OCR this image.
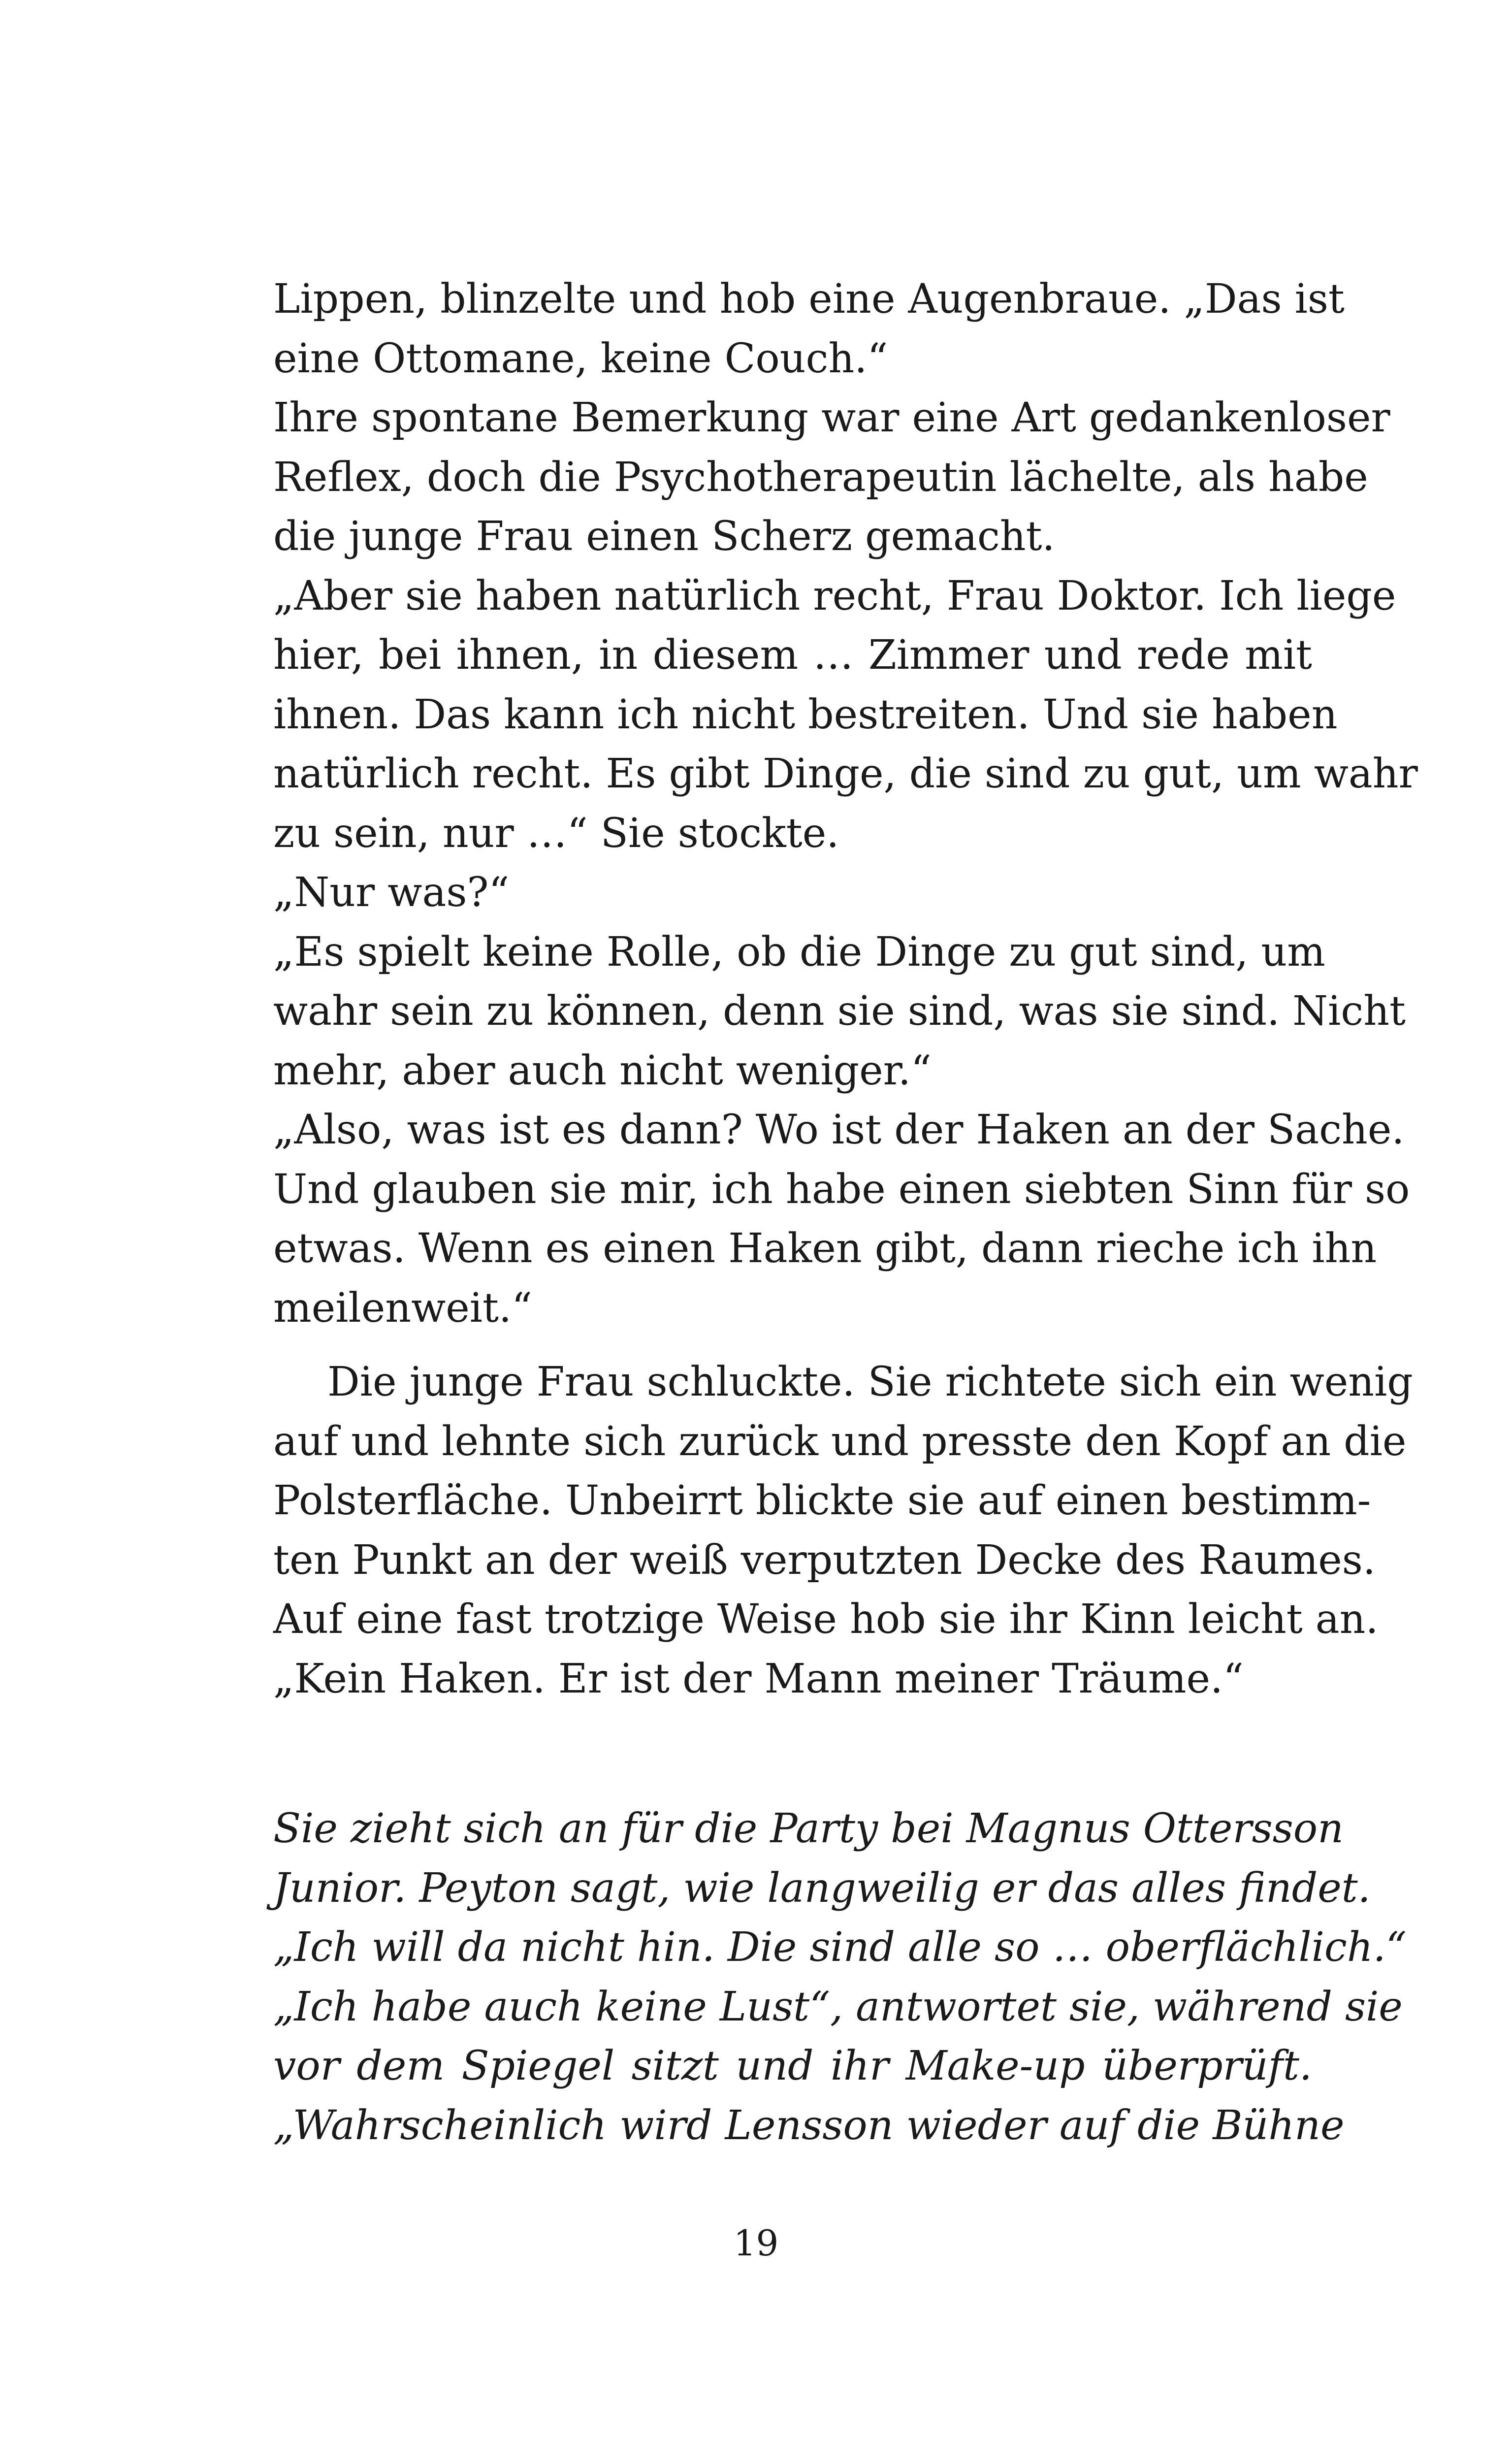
Lippen, blinzelte und hob eine Augenbraue. „Das ist
eine Ottomane, keine Couch.“
Ihre spontane Bemerkung war eine Art gedankenloser
Reflex, doch die Psychotherapeutin lächelte, als habe
die junge Frau einen Scherz gemacht.
„Aber sie haben natürlich recht, Frau Doktor. Ich liege
hier, bei ihnen, in diesem … Zimmer und rede mit
ihnen. Das kann ich nicht bestreiten. Und sie haben
natürlich recht. Es gibt Dinge, die sind zu gut, um wahr
zu sein, nur …“ Sie stockte.
„Nur was?“
„Es spielt keine Rolle, ob die Dinge zu gut sind, um
wahr sein zu können, denn sie sind, was sie sind. Nicht
mehr, aber auch nicht weniger.“
„Also, was ist es dann? Wo ist der Haken an der Sache.
Und glauben sie mir, ich habe einen siebten Sinn für so
etwas. Wenn es einen Haken gibt, dann rieche ich ihn
meilenweit.“
Die junge Frau schluckte. Sie richtete sich ein wenig
auf und lehnte sich zurück und presste den Kopf an die
Polsterfläche. Unbeirrt blickte sie auf einen bestimm-
ten Punkt an der weiß verputzten Decke des Raumes.
Auf eine fast trotzige Weise hob sie ihr Kinn leicht an.
„Kein Haken. Er ist der Mann meiner Träume.“
Sie zieht sich an für die Party bei Magnus Ottersson
Junior. Peyton sagt, wie langweilig er das alles findet.
„Ich will da nicht hin. Die sind alle so … oberflächlich.“
„Ich habe auch keine Lust“, antwortet sie, während sie
vor dem Spiegel sitzt und ihr Make-up überprüft.
„Wahrscheinlich wird Lensson wieder auf die Bühne
19
